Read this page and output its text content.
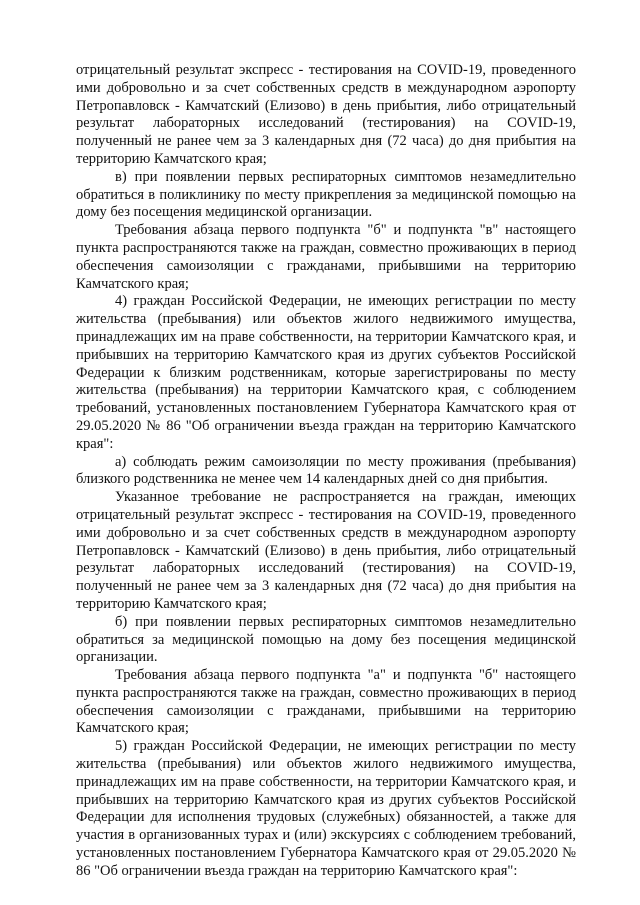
отрицательный результат экспресс - тестирования на COVID-19, проведенного ими добровольно и за счет собственных средств в международном аэропорту Петропавловск - Камчатский (Елизово) в день прибытия, либо отрицательный результат лабораторных исследований (тестирования) на COVID-19, полученный не ранее чем за 3 календарных дня (72 часа) до дня прибытия на территорию Камчатского края;

в) при появлении первых респираторных симптомов незамедлительно обратиться в поликлинику по месту прикрепления за медицинской помощью на дому без посещения медицинской организации.

Требования абзаца первого подпункта "б" и подпункта "в" настоящего пункта распространяются также на граждан, совместно проживающих в период обеспечения самоизоляции с гражданами, прибывшими на территорию Камчатского края;

4) граждан Российской Федерации, не имеющих регистрации по месту жительства (пребывания) или объектов жилого недвижимого имущества, принадлежащих им на праве собственности, на территории Камчатского края, и прибывших на территорию Камчатского края из других субъектов Российской Федерации к близким родственникам, которые зарегистрированы по месту жительства (пребывания) на территории Камчатского края, с соблюдением требований, установленных постановлением Губернатора Камчатского края от 29.05.2020 № 86 "Об ограничении въезда граждан на территорию Камчатского края":

а) соблюдать режим самоизоляции по месту проживания (пребывания) близкого родственника не менее чем 14 календарных дней со дня прибытия.

Указанное требование не распространяется на граждан, имеющих отрицательный результат экспресс - тестирования на COVID-19, проведенного ими добровольно и за счет собственных средств в международном аэропорту Петропавловск - Камчатский (Елизово) в день прибытия, либо отрицательный результат лабораторных исследований (тестирования) на COVID-19, полученный не ранее чем за 3 календарных дня (72 часа) до дня прибытия на территорию Камчатского края;

б) при появлении первых респираторных симптомов незамедлительно обратиться за медицинской помощью на дому без посещения медицинской организации.

Требования абзаца первого подпункта "а" и подпункта "б" настоящего пункта распространяются также на граждан, совместно проживающих в период обеспечения самоизоляции с гражданами, прибывшими на территорию Камчатского края;

5) граждан Российской Федерации, не имеющих регистрации по месту жительства (пребывания) или объектов жилого недвижимого имущества, принадлежащих им на праве собственности, на территории Камчатского края, и прибывших на территорию Камчатского края из других субъектов Российской Федерации для исполнения трудовых (служебных) обязанностей, а также для участия в организованных турах и (или) экскурсиях с соблюдением требований, установленных постановлением Губернатора Камчатского края от 29.05.2020 № 86 "Об ограничении въезда граждан на территорию Камчатского края":
